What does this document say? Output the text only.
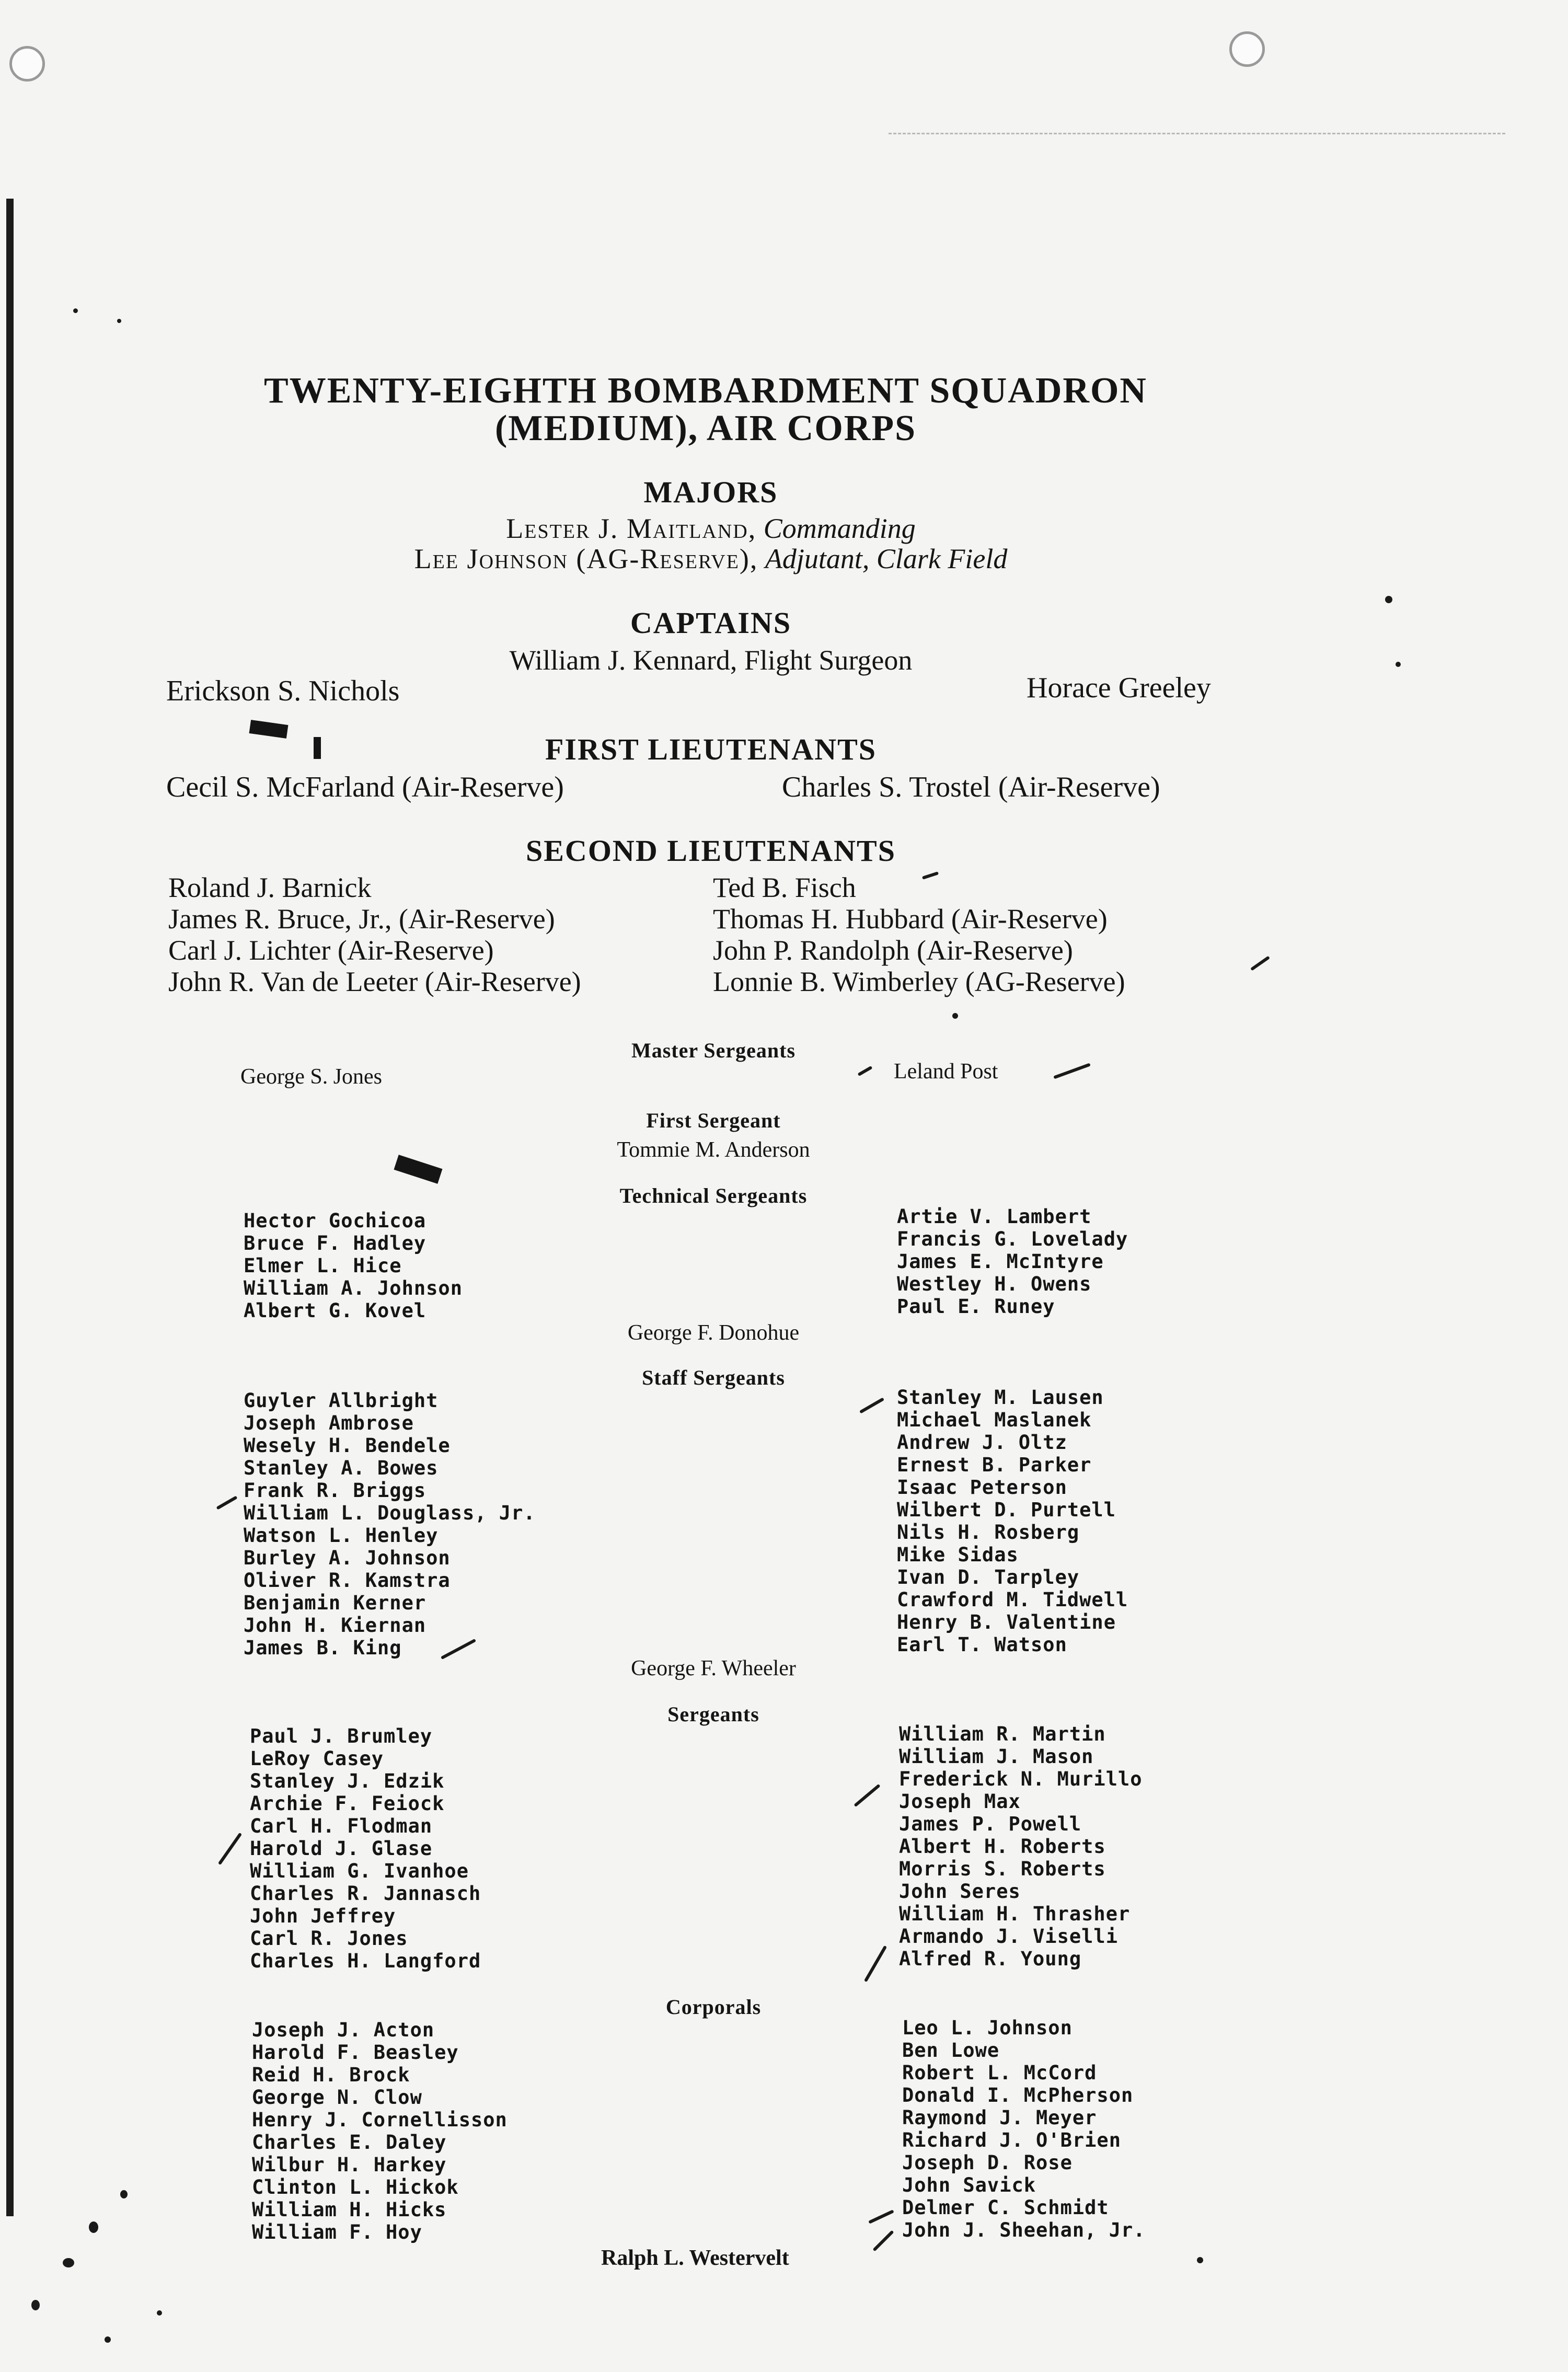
TWENTY-EIGHTH BOMBARDMENT SQUADRON
(MEDIUM), AIR CORPS
MAJORS

Lester J. Maitland, Commanding

Lee Johnson (AG-Reserve), Adjutant, Clark Field

CAPTAINS

William J. Kennard, Flight Surgeon

Erickson S. Nichols	Horace Greeley

FIRST LIEUTENANTS

Cecil S. McFarland (Air-Reserve)	Charles S. Trostel (Air-Reserve)

SECOND LIEUTENANTS
Roland J. Barnick
James R. Bruce, Jr., (Air-Reserve)
Carl J. Lichter (Air-Reserve)
John R. Van de Leeter (Air-Reserve)
Ted B. Fisch
Thomas H. Hubbard (Air-Reserve)
John P. Randolph (Air-Reserve)
Lonnie B. Wimberley (AG-Reserve)
Master Sergeants

George S. Jones	Leland Post

First Sergeant

Tommie M. Anderson

Technical Sergeants
Hector Gochicoa
Bruce F. Hadley
Elmer L. Hice
William A. Johnson
Albert G. Kovel
Artie V. Lambert
Francis G. Lovelady
James E. McIntyre
Westley H. Owens
Paul E. Runey

George F. Donohue

Staff Sergeants
Guyler Allbright
Joseph Ambrose
Wesely H. Bendele
Stanley A. Bowes
Frank R. Briggs
William L. Douglass, Jr.
Watson L. Henley
Burley A. Johnson
Oliver R. Kamstra
Benjamin Kerner
John H. Kiernan
James B. King
Stanley M. Lausen
Michael Maslanek
Andrew J. Oltz
Ernest B. Parker
Isaac Peterson
Wilbert D. Purtell
Nils H. Rosberg
Mike Sidas
Ivan D. Tarpley
Crawford M. Tidwell
Henry B. Valentine
Earl T. Watson

George F. Wheeler

Sergeants
Paul J. Brumley
LeRoy Casey
Stanley J. Edzik
Archie F. Feiock
Carl H. Flodman
Harold J. Glase
William G. Ivanhoe
Charles R. Jannasch
John Jeffrey
Carl R. Jones
Charles H. Langford
William R. Martin
William J. Mason
Frederick N. Murillo
Joseph Max
James P. Powell
Albert H. Roberts
Morris S. Roberts
John Seres
William H. Thrasher
Armando J. Viselli
Alfred R. Young
Corporals
Joseph J. Acton
Harold F. Beasley
Reid H. Brock
George N. Clow
Henry J. Cornellisson
Charles E. Daley
Wilbur H. Harkey
Clinton L. Hickok
William H. Hicks
William F. Hoy
Leo L. Johnson
Ben Lowe
Robert L. McCord
Donald I. McPherson
Raymond J. Meyer
Richard J. O'Brien
Joseph D. Rose
John Savick
Delmer C. Schmidt
John J. Sheehan, Jr.

Ralph L. Westervelt
